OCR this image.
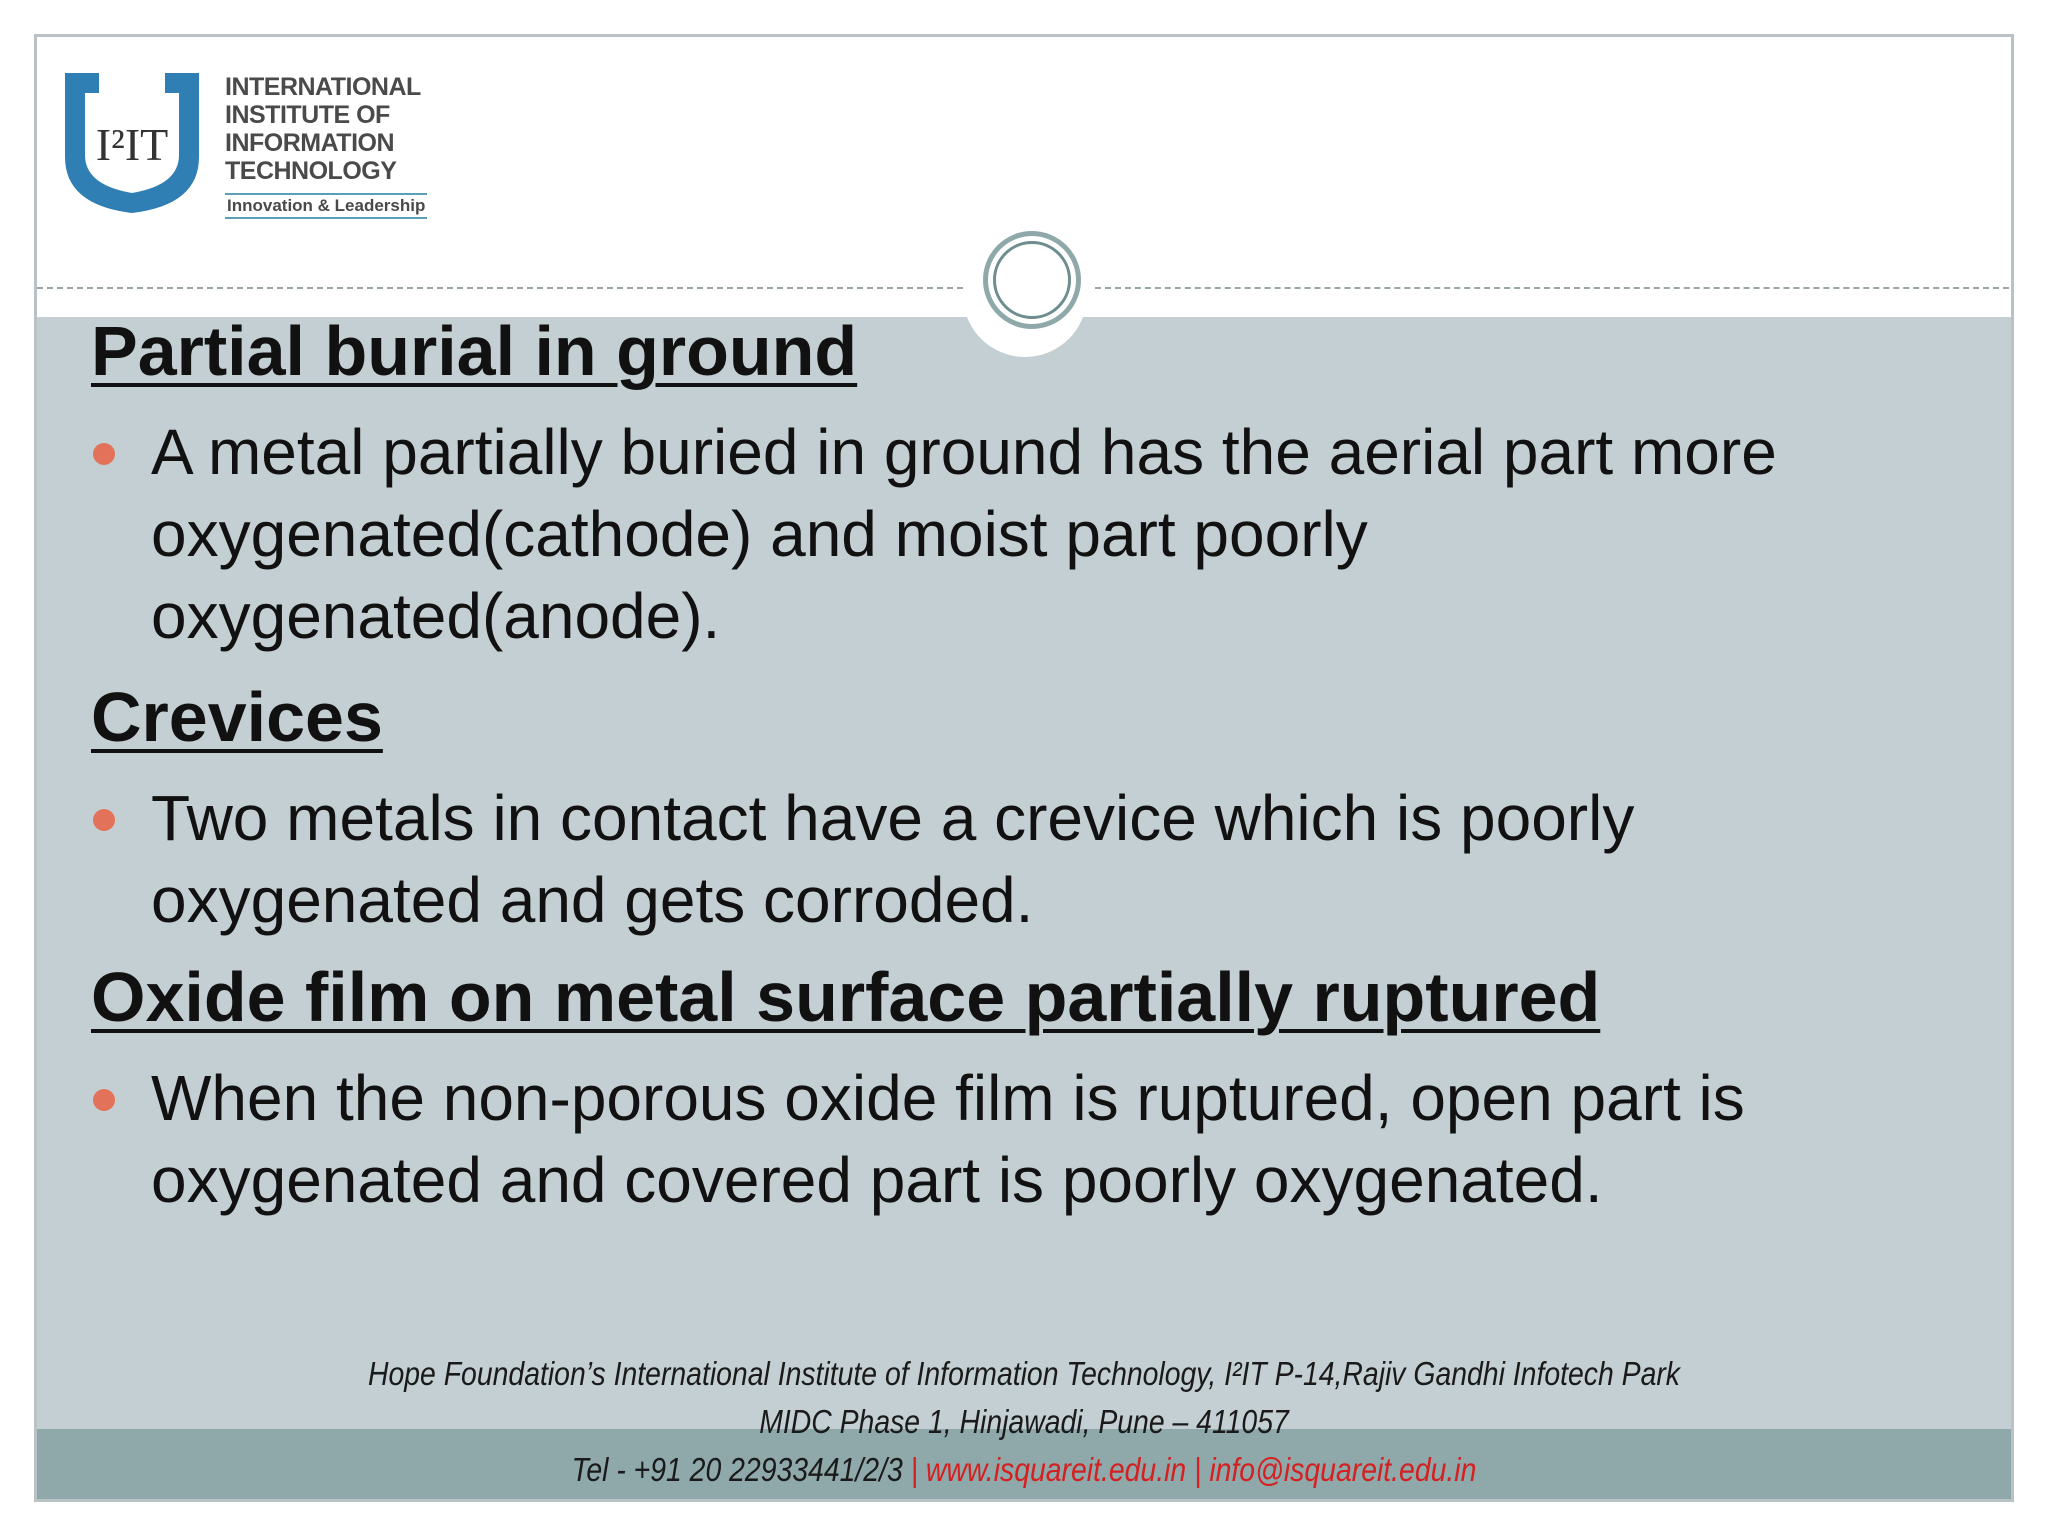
I²IT
INTERNATIONAL
INSTITUTE OF
INFORMATION
TECHNOLOGY
Innovation & Leadership
Partial burial in ground
A metal partially buried in ground has the aerial part more
oxygenated(cathode) and moist part poorly
oxygenated(anode).
Crevices
Two metals in contact have a crevice which is poorly
oxygenated and gets corroded.
Oxide film on metal surface partially ruptured
When the non-porous oxide film is ruptured, open part is
oxygenated and covered part is poorly oxygenated.
Hope Foundation’s International Institute of Information Technology, I²IT P-14,Rajiv Gandhi Infotech Park
MIDC Phase 1, Hinjawadi, Pune – 411057
Tel - +91 20 22933441/2/3 | www.isquareit.edu.in | info@isquareit.edu.in
